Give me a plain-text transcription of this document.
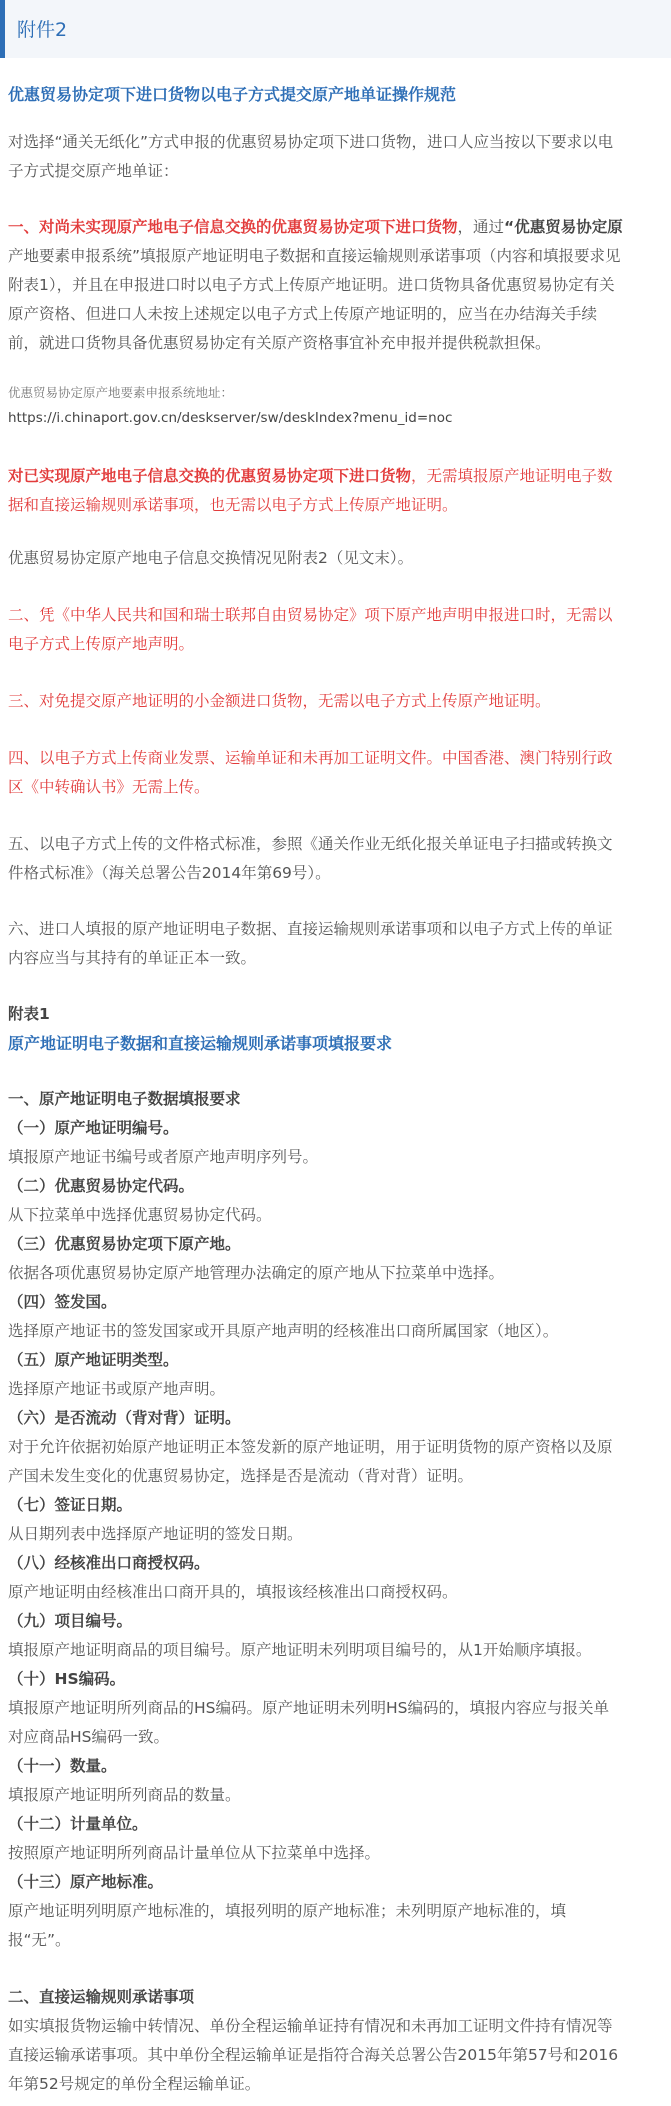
附件2
优惠贸易协定项下进口货物以电子方式提交原产地单证操作规范
对选择“通关无纸化”方式申报的优惠贸易协定项下进口货物，进口人应当按以下要求以电
子方式提交原产地单证：
一、对尚未实现原产地电子信息交换的优惠贸易协定项下进口货物，通过“优惠贸易协定原
产地要素申报系统”填报原产地证明电子数据和直接运输规则承诺事项（内容和填报要求见
附表1），并且在申报进口时以电子方式上传原产地证明。进口货物具备优惠贸易协定有关
原产资格、但进口人未按上述规定以电子方式上传原产地证明的，应当在办结海关手续
前，就进口货物具备优惠贸易协定有关原产资格事宜补充申报并提供税款担保。
优惠贸易协定原产地要素申报系统地址：
https://i.chinaport.gov.cn/deskserver/sw/deskIndex?menu_id=noc
对已实现原产地电子信息交换的优惠贸易协定项下进口货物，无需填报原产地证明电子数
据和直接运输规则承诺事项，也无需以电子方式上传原产地证明。
优惠贸易协定原产地电子信息交换情况见附表2（见文末）。
二、凭《中华人民共和国和瑞士联邦自由贸易协定》项下原产地声明申报进口时，无需以
电子方式上传原产地声明。
三、对免提交原产地证明的小金额进口货物，无需以电子方式上传原产地证明。
四、以电子方式上传商业发票、运输单证和未再加工证明文件。中国香港、澳门特别行政
区《中转确认书》无需上传。
五、以电子方式上传的文件格式标准，参照《通关作业无纸化报关单证电子扫描或转换文
件格式标准》（海关总署公告2014年第69号）。
六、进口人填报的原产地证明电子数据、直接运输规则承诺事项和以电子方式上传的单证
内容应当与其持有的单证正本一致。
附表1
原产地证明电子数据和直接运输规则承诺事项填报要求
一、原产地证明电子数据填报要求
（一）原产地证明编号。
填报原产地证书编号或者原产地声明序列号。
（二）优惠贸易协定代码。
从下拉菜单中选择优惠贸易协定代码。
（三）优惠贸易协定项下原产地。
依据各项优惠贸易协定原产地管理办法确定的原产地从下拉菜单中选择。
（四）签发国。
选择原产地证书的签发国家或开具原产地声明的经核准出口商所属国家（地区）。
（五）原产地证明类型。
选择原产地证书或原产地声明。
（六）是否流动（背对背）证明。
对于允许依据初始原产地证明正本签发新的原产地证明，用于证明货物的原产资格以及原
产国未发生变化的优惠贸易协定，选择是否是流动（背对背）证明。
（七）签证日期。
从日期列表中选择原产地证明的签发日期。
（八）经核准出口商授权码。
原产地证明由经核准出口商开具的，填报该经核准出口商授权码。
（九）项目编号。
填报原产地证明商品的项目编号。原产地证明未列明项目编号的，从1开始顺序填报。
（十）HS编码。
填报原产地证明所列商品的HS编码。原产地证明未列明HS编码的，填报内容应与报关单
对应商品HS编码一致。
（十一）数量。
填报原产地证明所列商品的数量。
（十二）计量单位。
按照原产地证明所列商品计量单位从下拉菜单中选择。
（十三）原产地标准。
原产地证明列明原产地标准的，填报列明的原产地标准；未列明原产地标准的，填
报“无”。
二、直接运输规则承诺事项
如实填报货物运输中转情况、单份全程运输单证持有情况和未再加工证明文件持有情况等
直接运输承诺事项。其中单份全程运输单证是指符合海关总署公告2015年第57号和2016
年第52号规定的单份全程运输单证。
